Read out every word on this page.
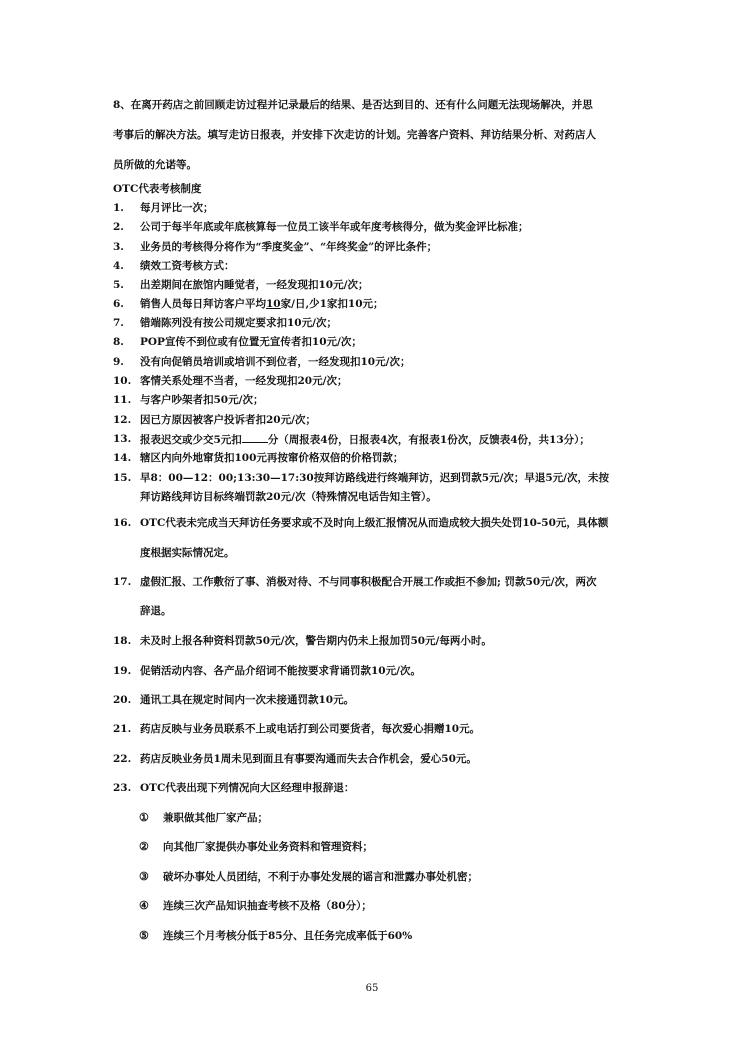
8、在离开药店之前回顾走访过程并记录最后的结果、是否达到目的、还有什么问题无法现场解决，并思
考事后的解决方法。填写走访日报表，并安排下次走访的计划。完善客户资料、拜访结果分析、对药店人
员所做的允诺等。
OTC代表考核制度
1. 每月评比一次；
2. 公司于每半年底或年底核算每一位员工该半年或年度考核得分，做为奖金评比标准；
3. 业务员的考核得分将作为“季度奖金”、“年终奖金”的评比条件；
4. 绩效工资考核方式：
5. 出差期间在旅馆内睡觉者，一经发现扣10元/次；
6. 销售人员每日拜访客户平均10家/日,少1家扣10元；
7. 错端陈列没有按公司规定要求扣10元/次；
8. POP宣传不到位或有位置无宣传者扣10元/次；
9. 没有向促销员培训或培训不到位者，一经发现扣10元/次；
10. 客情关系处理不当者，一经发现扣20元/次；
11. 与客户吵架者扣50元/次；
12. 因已方原因被客户投诉者扣20元/次；
13. 报表迟交或少交5元扣 分（周报表4份，日报表4次，有报表1份次，反馈表4份，共13分）；
14. 辖区内向外地窜货扣100元再按窜价格双倍的价格罚款；
15. 早8：00—12：00;13:30—17:30按拜访路线进行终端拜访，迟到罚款5元/次；早退5元/次，未按
拜访路线拜访目标终端罚款20元/次（特殊情况电话告知主管）。
16. OTC代表未完成当天拜访任务要求或不及时向上级汇报情况从而造成较大损失处罚10-50元，具体额
度根据实际情况定。
17. 虚假汇报、工作敷衍了事、消极对待、不与同事积极配合开展工作或拒不参加; 罚款50元/次，两次
辞退。
18. 未及时上报各种资料罚款50元/次，警告期内仍未上报加罚50元/每两小时。
19. 促销活动内容、各产品介绍词不能按要求背诵罚款10元/次。
20. 通讯工具在规定时间内一次未接通罚款10元。
21. 药店反映与业务员联系不上或电话打到公司要货者，每次爱心捐赠10元。
22. 药店反映业务员1周未见到面且有事要沟通而失去合作机会，爱心50元。
23. OTC代表出现下列情况向大区经理申报辞退：
① 兼职做其他厂家产品；
② 向其他厂家提供办事处业务资料和管理资料；
③ 破坏办事处人员团结，不利于办事处发展的谣言和泄露办事处机密；
④ 连续三次产品知识抽查考核不及格（80分）；
⑤ 连续三个月考核分低于85分、且任务完成率低于60%
65
